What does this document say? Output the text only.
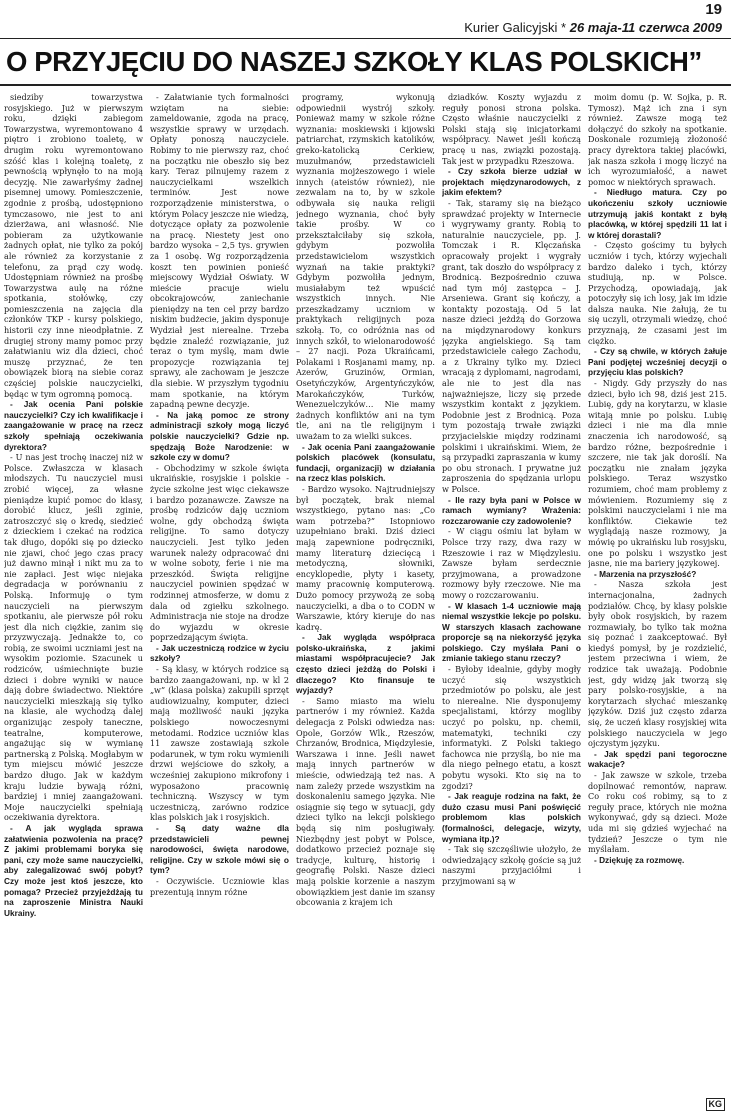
19
Kurier Galicyjski * 26 maja-11 czerwca 2009
O PRZYJĘCIU DO NASZEJ SZKOŁY KLAS POLSKICH”

siedziby towarzystwa rosyjskiego. Już w pierwszym roku, dzięki zabiegom Towarzystwa, wyremontowano 4 piętro i zrobiono toaletę, w drugim roku wyremontowano szóść klas i kolejną toaletę, z pewnością wpłynęło to na moją decyzję. Nie zawarłyśmy żadnej pisemnej umowy. Pomieszczenie, zgodnie z prośbą, udostępniono tymczasowo, nie jest to ani dzierżawa, ani własność. Nie pobieram za użytkowanie żadnych opłat, nie tylko za pokój ale również za korzystanie z telefonu, za prąd czy wodę. Udostępniam również na prośbę Towarzystwa aulę na różne spotkania, stołówkę, czy pomieszczenia na zajęcia dla członków TKP - kursy polskiego, historii czy inne nieodpłatnie. Z drugiej strony mamy pomoc przy załatwianiu wiz dla dzieci, choć muszę przyznać, że ten obowiązek biorą na siebie coraz częściej polskie nauczycielki, będąc w tym ogromną pomocą.

- Jak ocenia Pani polskie nauczycielki? Czy ich kwalifikacje i zaangażowanie w pracę na rzecz szkoły spełniają oczekiwania dyrektora?

- U nas jest trochę inaczej niż w Polsce. Zwłaszcza w klasach młodszych. Tu nauczyciel musi zrobić więcej, za własne pieniądze kupić pomoc do klasy, dorobić klucz, jeśli zginie, zatroszczyć się o kredę, siedzieć z dzieckiem i czekać na rodzica tak długo, dopóki się po dziecko nie zjawi, choć jego czas pracy już dawno minął i nikt mu za to nie zapłaci. Jest więc niejaka degradacja w porównaniu z Polską. Informuję o tym nauczycieli na pierwszym spotkaniu, ale pierwsze pół roku jest dla nich ciężkie, zanim się przyzwyczają. Jednakże to, co robią, ze swoimi uczniami jest na wysokim poziomie. Szacunek u rodziców, uśmiechnięte buzie dzieci i dobre wyniki w nauce dają dobre świadectwo. Niektóre nauczycielki mieszkają się tylko na klasie, ale wychodzą dalej organizując zespoły taneczne, teatralne, komputerowe, angażując się w wymianę partnerską z Polską. Mogłabym w tym miejscu mówić jeszcze bardzo długo. Jak w każdym kraju ludzie bywają różni, bardziej i mniej zaangażowani. Moje nauczycielki spełniają oczekiwania dyrektora.

- A jak wygląda sprawa załatwienia pozwolenia na pracę? Z jakimi problemami boryka się pani, czy może same nauczycielki, aby zalegalizować swój pobyt? Czy może jest ktoś jeszcze, kto pomaga? Przecież przyjeżdżają tu na zaproszenie Ministra Nauki Ukrainy.

- Załatwianie tych formalności wziętam na siebie: zameldowanie, zgoda na pracę, wszystkie sprawy w urzędach. Opłaty ponoszą nauczyciele. Robimy to nie pierwszy raz, choć na początku nie obeszło się bez kary. Teraz pilnujemy razem z nauczycielkami wszelkich terminów. Jest nowe rozporządzenie ministerstwa, o którym Polacy jeszcze nie wiedzą, dotyczące opłaty za pozwolenie na pracę. Niestety jest ono bardzo wysoka – 2,5 tys. grywien za 1 osobę. Wg rozporządzenia koszt ten powinien ponieść miejscowy Wydział Oświaty. W mieście pracuje wielu obcokrajowców, zaniechanie pieniędzy na ten cel przy bardzo niskim budżecie, jakim dysponuje Wydział jest nierealne. Trzeba będzie znaleźć rozwiązanie, już teraz o tym myślę, mam dwie propozycje rozwiązania tej sprawy, ale zachowam je jeszcze dla siebie. W przyszłym tygodniu mam spotkanie, na którym zapadną pewne decyzje.

- Na jaką pomoc ze strony administracji szkoły mogą liczyć polskie nauczycielki? Gdzie np. spędzają Boże Narodzenie: w szkole czy w domu?

- Obchodzimy w szkole święta ukraińskie, rosyjskie i polskie - życie szkolne jest więc ciekawsze i bardzo pozanawcze. Zawsze na prośbę rodziców daję uczniom wolne, gdy obchodzą święta religijne. To samo dotyczy nauczycieli. Jest tylko jeden warunek należy odpracować dni w wolne soboty, ferie i nie ma przeszkód. Święta religijne nauczyciel powinien spędzać w rodzinnej atmosferze, w domu z dala od zgiełku szkolnego. Administracja nie stoje na drodze do wyjazdu w okresie poprzedzającym święta.

- Jak uczestniczą rodzice w życiu szkoły?

- Są klasy, w których rodzice są bardzo zaangażowani, np. w kl 2 „w” (klasa polska) zakupili sprzęt audiowizualny, komputer, dzieci mają możliwość nauki języka polskiego nowoczesnymi metodami. Rodzice uczniów klas 11 zawsze zostawiają szkole podarunek, w tym roku wymienili drzwi wejściowe do szkoły, a wcześniej zakupiono mikrofony i wyposażono pracownię techniczną. Wszyscy w tym uczestniczą, zarówno rodzice klas polskich jak i rosyjskich.

- Są daty ważne dla przedstawicieli pewnej narodowości, święta narodowe, religijne. Czy w szkole mówi się o tym?

- Oczywiście. Uczniowie klas prezentują innym różne

programy, wykonują odpowiednii wystrój szkoły. Ponieważ mamy w szkole różne wyznania: moskiewski i kijowski patriarchat, rzymskich katolików, greko-katolicką Cerkiew, muzułmanów, przedstawicieli wyznania mojżeszowego i wiele innych (ateistów również), nie zezwalam na to, by w szkole odbywała się nauka religii jednego wyznania, choć były takie prośby. W co przekształciłaby się szkoła, gdybym pozwoliła przedstawicielom wszystkich wyznań na takie praktyki? Gdybym pozwoliła jednym, musiałabym też wpuścić wszystkich innych. Nie przeszkadzamy uczniom w praktykach religijnych poza szkołą. To, co odróżnia nas od innych szkół, to wielonarodowość – 27 nacji. Poza Ukraińcami, Polakami i Rosjanami mamy, np. Azerów, Gruzinów, Ormian, Osetyńczyków, Argentyńczyków, Marokańczyków, Turków, Wenezuelczyków… Nie mamy żadnych konfliktów ani na tym tle, ani na tle religijnym i uważam to za wielki sukces.

- Jak ocenia Pani zaangażowanie polskich placówek (konsulatu, fundacji, organizacji) w działania na rzecz klas polskich.

- Bardzo wysoko. Najtrudniejszy był początek, brak niemal wszystkiego, pytano nas: „Co wam potrzeba?” Istopniowo uzupełniano braki. Dziś dzieci mają zapewnione podręczniki, mamy literaturę dziecięcą i metodyczną, słowniki, encyklopedie, płyty i kasety, mamy pracownię komputerową. Dużo pomocy przywożą ze sobą nauczycielki, a dba o to CODN w Warszawie, który kieruje do nas kadrę.

- Jak wygląda współpraca polsko-ukraińska, z jakimi miastami współpracujecie? Jak często dzieci jeżdżą do Polski i dlaczego? Kto finansuje te wyjazdy?

- Samo miasto ma wielu partnerów i my również. Każda delegacja z Polski odwiedza nas: Opole, Gorzów Wlk., Rzeszów, Chrzanów, Brodnica, Międzylesie, Warszawa i inne. Jeśli nawet mają innych partnerów w mieście, odwiedzają też nas. A nam zależy przede wszystkim na doskonaleniu samego języka. Nie osiągnie się tego w sytuacji, gdy dzieci tylko na lekcji polskiego będą się nim posługiwały. Niezbędny jest pobyt w Polsce, dodatkowo przecież poznaje się tradycje, kulturę, historię i geografię Polski. Nasze dzieci mają polskie korzenie a naszym obowiązkiem jest danie im szansy obcowania z krajem ich

dziadków. Koszty wyjazdu z reguły ponosi strona polska. Często właśnie nauczycielki z Polski stają się inicjatorkami współpracy. Nawet jeśli kończą pracę u nas, związki pozostają. Tak jest w przypadku Rzeszowa.

- Czy szkoła bierze udział w projektach międzynarodowych, z jakim efektem?

- Tak, staramy się na bieżąco sprawdzać projekty w Internecie i wygrywamy granty. Robią to naturalnie nauczyciele, pp. J. Tomczak i R. Klęczańska opracowały projekt i wygrały grant, tak doszło do współpracy z Brodnicą. Bezpośrednio czuwa nad tym mój zastępca – J. Arseniewa. Grant się kończy, a kontakty pozostają. Od 5 lat nasze dzieci jeżdżą do Gorzowa na międzynarodowy konkurs języka angielskiego. Są tam przedstawiciele całego Zachodu, a z Ukrainy tylko my. Dzieci wracają z dyplomami, nagrodami, ale nie to jest dla nas najważniejsze, liczy się przede wszystkim kontakt z językiem. Podobnie jest z Brodnicą. Poza tym pozostają trwałe związki przyjacielskie między rodzinami polskimi i ukraińskimi. Wiem, że są przypadki zapraszania w kumy po obu stronach. I prywatne już zaproszenia do spędzania urlopu w Polsce.

- Ile razy była pani w Polsce w ramach wymiany? Wrażenia: rozczarowanie czy zadowolenie?

- W ciągu ośmiu lat byłam w Polsce trzy razy, dwa razy w Rzeszowie i raz w Międzylesiu. Zawsze byłam serdecznie przyjmowana, a prowadzone rozmowy były rzeczowe. Nie ma mowy o rozczarowaniu.

- W klasach 1-4 uczniowie mają niemal wszystkie lekcje po polsku. W starszych klasach zachowane proporcje są na niekorzyść języka polskiego. Czy myślała Pani o zmianie takiego stanu rzeczy?

- Byłoby idealnie, gdyby mogły uczyć się wszystkich przedmiotów po polsku, ale jest to nierealne. Nie dysponujemy specjalistami, którzy mogliby uczyć po polsku, np. chemii, matematyki, techniki czy informatyki. Z Polski takiego fachowca nie przyślą, bo nie ma dla niego pełnego etatu, a koszt pobytu wysoki. Kto się na to zgodzi?

- Jak reaguje rodzina na fakt, że dużo czasu musi Pani poświęcić problemom klas polskich (formalności, delegacje, wizyty, wymiana itp.)?

- Tak się szczęśliwie ułożyło, że odwiedzający szkołę goście są już naszymi przyjaciółmi i przyjmowani są w

moim domu (p. W. Sojka, p. R. Tymosz). Mąż ich zna i syn również. Zawsze mogą też dołączyć do szkoły na spotkanie. Doskonale rozumieją złożoność pracy dyrektora takiej placówki, jak nasza szkoła i mogę liczyć na ich wyrozumiałość, a nawet pomoc w niektórych sprawach.

- Niedługo matura. Czy po ukończeniu szkoły uczniowie utrzymują jakiś kontakt z byłą placówką, w której spędzili 11 lat i w której dorastali?

- Często gościmy tu byłych uczniów i tych, którzy wyjechali bardzo daleko i tych, którzy studiują, np. w Polsce. Przychodzą, opowiadają, jak potoczyły się ich losy, jak im idzie dalsza nauka. Nie żałują, że tu się uczyli, otrzymali wiedzę, choć przyznają, że czasami jest im ciężko.

- Czy są chwile, w których żałuje Pani podjętej wcześniej decyzji o przyjęciu klas polskich?

- Nigdy. Gdy przyszły do nas dzieci, było ich 98, dziś jest 215. Lubię, gdy na korytarzu, w klasie witają mnie po polsku. Lubię dzieci i nie ma dla mnie znaczenia ich narodowość, są bardzo różne, bezpośrednie i szczere, nie tak jak doroślí. Na początku nie znałam języka polskiego. Teraz wszystko rozumiem, choć mam problemy z mówieniem. Rozumiemy się z polskimi nauczycielami i nie ma konfliktów. Ciekawie też wyglądają nasze rozmowy, ja mówię po ukraińsku lub rosyjsku, one po polsku i wszystko jest jasne, nie ma bariery językowej.

- Marzenia na przyszłość?

- Nasza szkoła jest internacjonalna, żadnych podziałów. Chcę, by klasy polskie były obok rosyjskich, by razem rozmawiały, bo tylko tak można się poznać i zaakceptować. Był kiedyś pomysł, by je rozdzielić, jestem przeciwna i wiem, że rodzice tak uważają. Podobnie jest, gdy widzę jak tworzą się pary polsko-rosyjskie, a na korytarzach słychać mieszankę języków. Dziś już często zdarza się, że uczeń klasy rosyjskiej wita polskiego nauczyciela w jego ojczystym języku.

- Jak spędzi pani tegoroczne wakacje?

- Jak zawsze w szkole, trzeba dopilnować remontów, napraw. Co roku coś robimy, są to z reguły prace, których nie można wykonywać, gdy są dzieci. Może uda mi się gdzieś wyjechać na tydzień? Jeszcze o tym nie myślałam.

- Dziękuję za rozmowę.

KG
